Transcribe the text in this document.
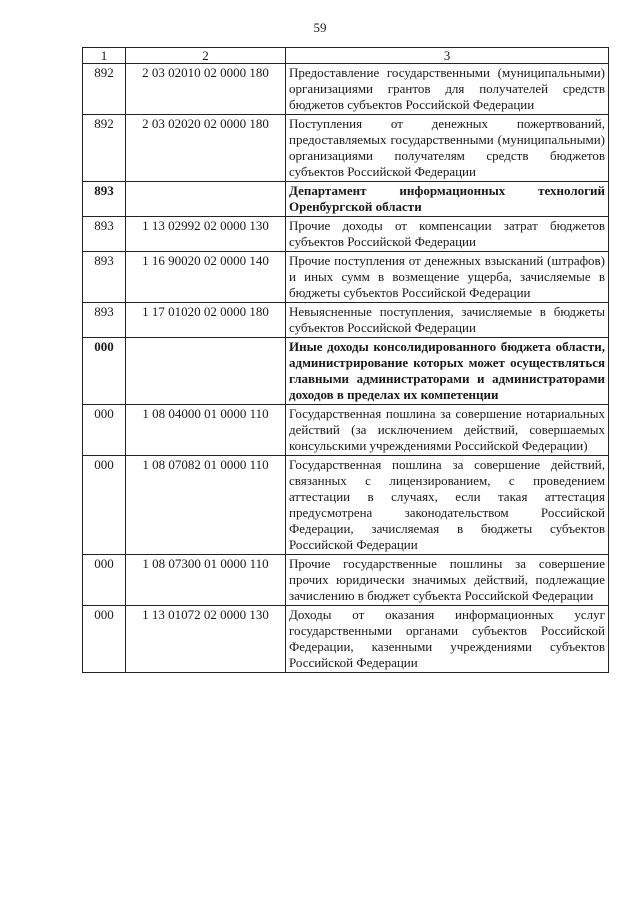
59
1	2	3
892	2 03 02010 02 0000 180	Предоставление государственными (муниципальными) организациями грантов для получателей средств бюджетов субъектов Российской Федерации
892	2 03 02020 02 0000 180	Поступления от денежных пожертвований, предоставляемых государственными (муниципальными) организациями получателям средств бюджетов субъектов Российской Федерации
893		Департамент информационных технологий Оренбургской области
893	1 13 02992 02 0000 130	Прочие доходы от компенсации затрат бюджетов субъектов Российской Федерации
893	1 16 90020 02 0000 140	Прочие поступления от денежных взысканий (штрафов) и иных сумм в возмещение ущерба, зачисляемые в бюджеты субъектов Российской Федерации
893	1 17 01020 02 0000 180	Невыясненные поступления, зачисляемые в бюджеты субъектов Российской Федерации
000		Иные доходы консолидированного бюджета области, администрирование которых может осуществляться главными администраторами и администраторами доходов в пределах их компетенции
000	1 08 04000 01 0000 110	Государственная пошлина за совершение нотариальных действий (за исключением действий, совершаемых консульскими учреждениями Российской Федерации)
000	1 08 07082 01 0000 110	Государственная пошлина за совершение действий, связанных с лицензированием, с проведением аттестации в случаях, если такая аттестация предусмотрена законодательством Российской Федерации, зачисляемая в бюджеты субъектов Российской Федерации
000	1 08 07300 01 0000 110	Прочие государственные пошлины за совершение прочих юридически значимых действий, подлежащие зачислению в бюджет субъекта Российской Федерации
000	1 13 01072 02 0000 130	Доходы от оказания информационных услуг государственными органами субъектов Российской Федерации, казенными учреждениями субъектов Российской Федерации
